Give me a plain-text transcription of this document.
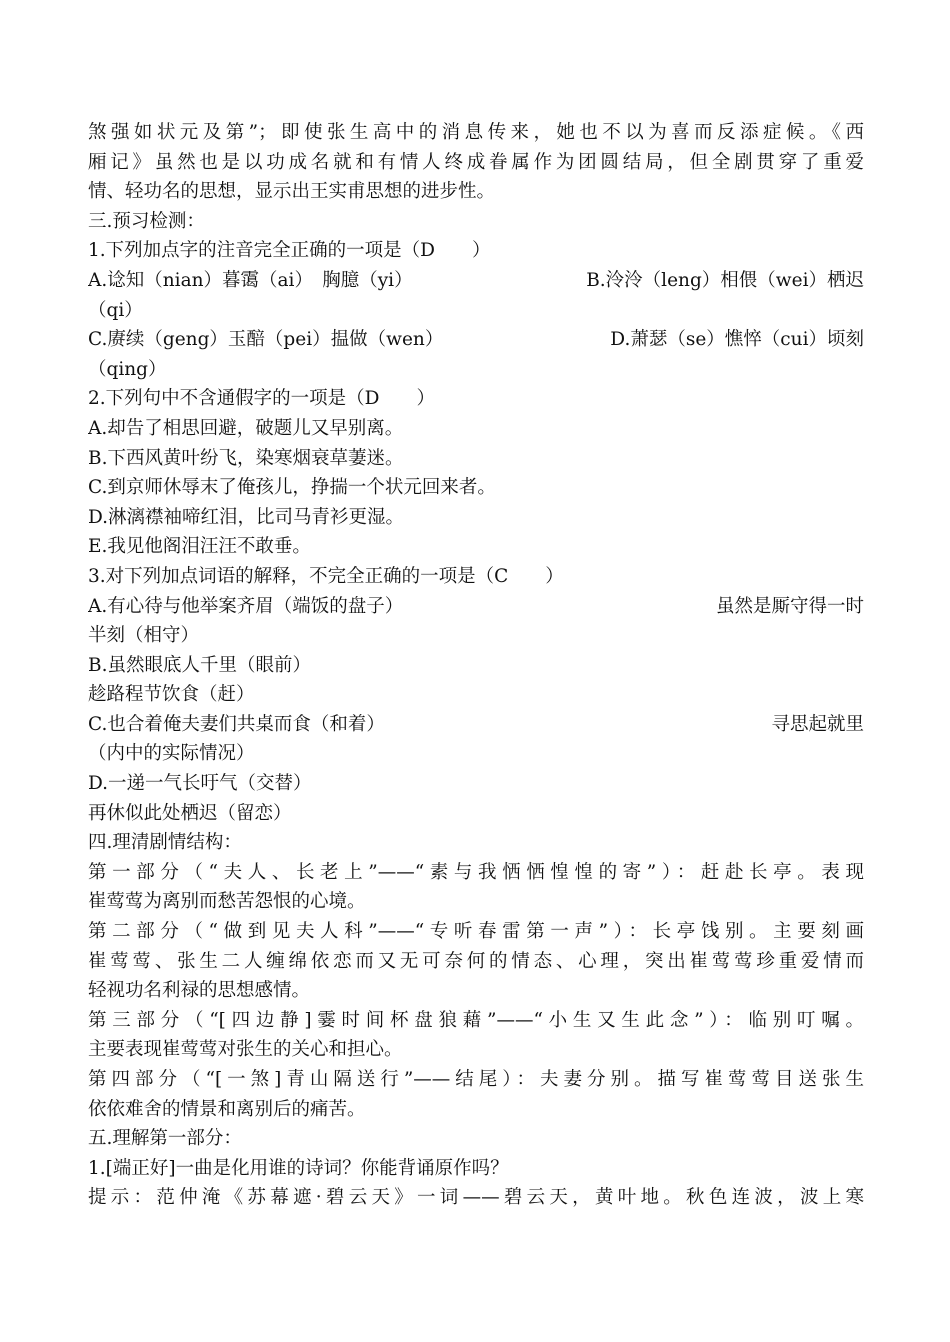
煞强如状元及第”；即使张生高中的消息传来，她也不以为喜而反添症候。《西
厢记》虽然也是以功成名就和有情人终成眷属作为团圆结局，但全剧贯穿了重爱
情、轻功名的思想，显示出王实甫思想的进步性。
三.预习检测：
1.下列加点字的注音完全正确的一项是（D　　）
A.谂知（nian）暮霭（ai）　胸臆（yi）	B.泠泠（leng）相偎（wei）栖迟
（qi）
C.赓续（geng）玉醅（pei）揾做（wen）	D.萧瑟（se）憔悴（cui）顷刻
（qing）
2.下列句中不含通假字的一项是（D　　）
A.却告了相思回避，破题儿又早别离。
B.下西风黄叶纷飞，染寒烟衰草萋迷。
C.到京师休辱末了俺孩儿，挣揣一个状元回来者。
D.淋漓襟袖啼红泪，比司马青衫更湿。
E.我见他阁泪汪汪不敢垂。
3.对下列加点词语的解释，不完全正确的一项是（C　　）
A.有心待与他举案齐眉（端饭的盘子）	虽然是厮守得一时
半刻（相守）
B.虽然眼底人千里（眼前）
趁路程节饮食（赶）
C.也合着俺夫妻们共桌而食（和着）	寻思起就里
（内中的实际情况）
D.一递一气长吁气（交替）
再休似此处栖迟（留恋）
四.理清剧情结构：
第一部分（“夫人、长老上”——“素与我恓恓惶惶的寄”）：赶赴长亭。表现
崔莺莺为离别而愁苦怨恨的心境。
第二部分（“做到见夫人科”——“专听春雷第一声”）：长亭饯别。主要刻画
崔莺莺、张生二人缠绵依恋而又无可奈何的情态、心理，突出崔莺莺珍重爱情而
轻视功名利禄的思想感情。
第三部分（“[四边静]霎时间杯盘狼藉”——“小生又生此念”）：临别叮嘱。
主要表现崔莺莺对张生的关心和担心。
第四部分（“[一煞]青山隔送行”——结尾）：夫妻分别。描写崔莺莺目送张生
依依难舍的情景和离别后的痛苦。
五.理解第一部分：
1.[端正好]一曲是化用谁的诗词？你能背诵原作吗？
提示：范仲淹《苏幕遮·碧云天》一词——碧云天，黄叶地。秋色连波，波上寒
